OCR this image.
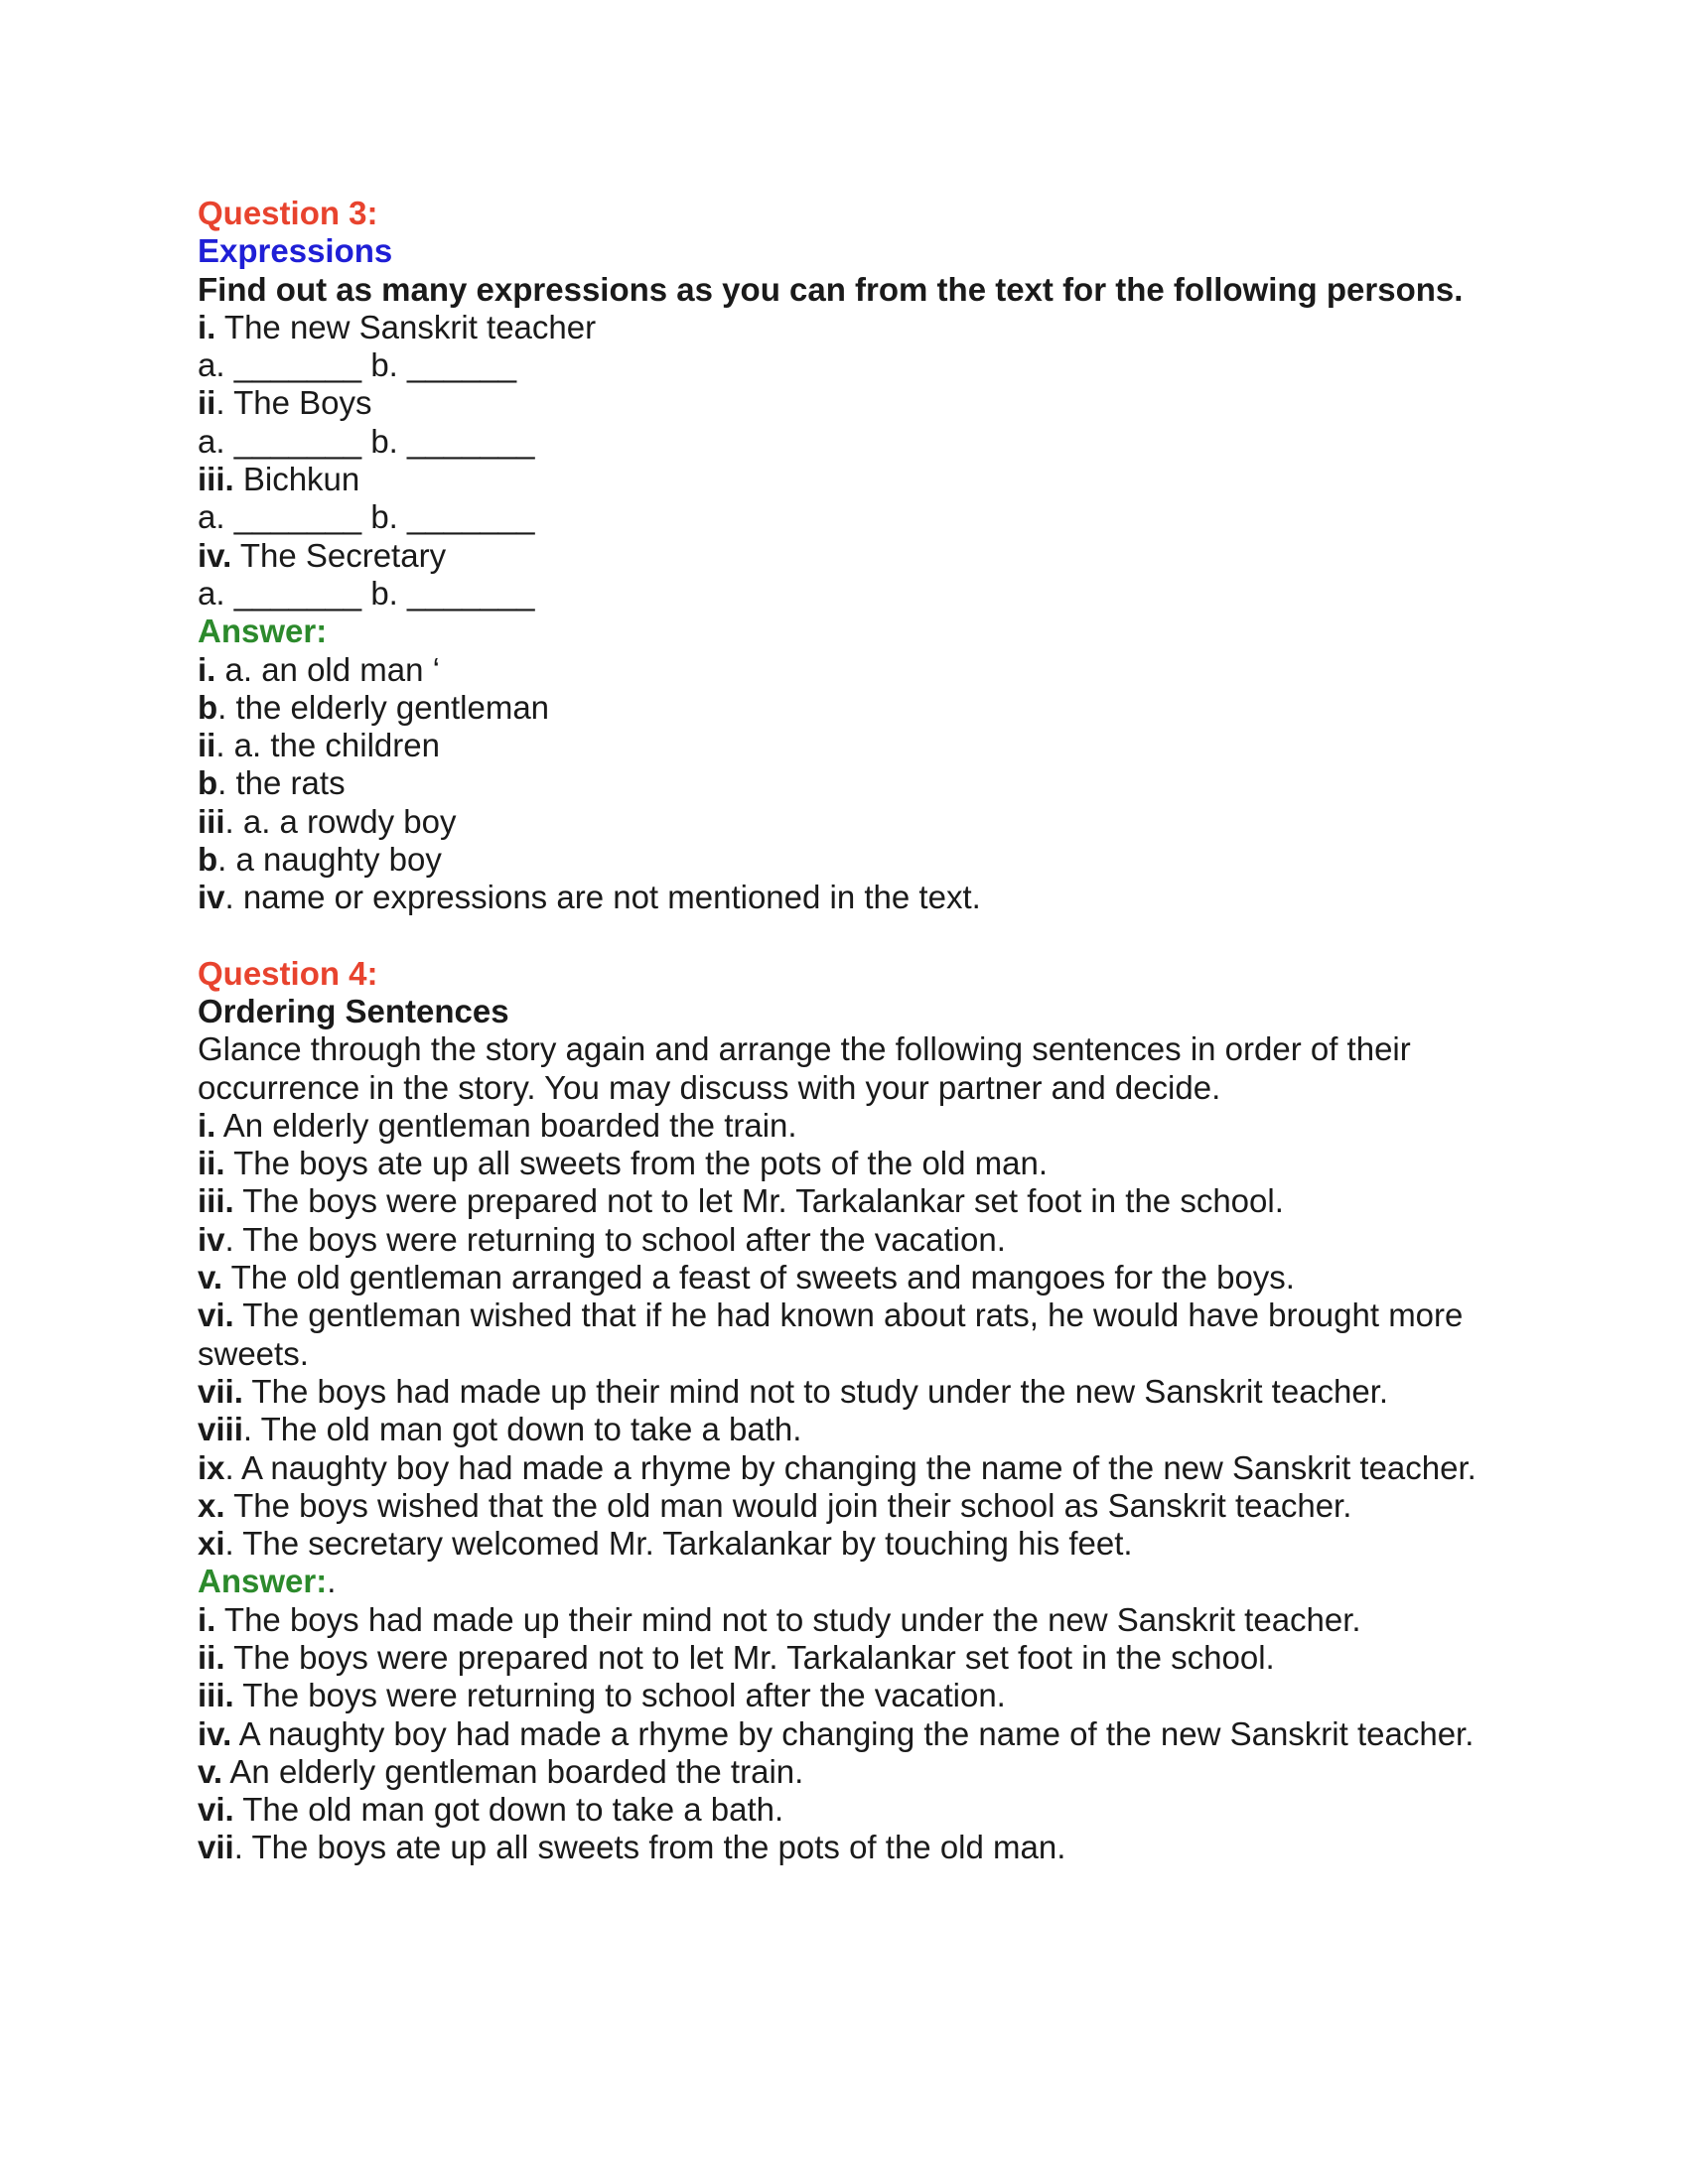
Question 3:

Expressions

Find out as many expressions as you can from the text for the following persons.

i. The new Sanskrit teacher

a. _______ b. ______

ii. The Boys

a. _______ b. _______

iii. Bichkun

a. _______ b. _______

iv. The Secretary

a. _______ b. _______

Answer:

i. a. an old man ‘

b. the elderly gentleman

ii. a. the children

b. the rats

iii. a. a rowdy boy

b. a naughty boy

iv. name or expressions are not mentioned in the text.

Question 4:

Ordering Sentences

Glance through the story again and arrange the following sentences in order of their occurrence in the story. You may discuss with your partner and decide.

i. An elderly gentleman boarded the train.

ii. The boys ate up all sweets from the pots of the old man.

iii. The boys were prepared not to let Mr. Tarkalankar set foot in the school.

iv. The boys were returning to school after the vacation.

v. The old gentleman arranged a feast of sweets and mangoes for the boys.

vi. The gentleman wished that if he had known about rats, he would have brought more sweets.

vii. The boys had made up their mind not to study under the new Sanskrit teacher.

viii. The old man got down to take a bath.

ix. A naughty boy had made a rhyme by changing the name of the new Sanskrit teacher.

x. The boys wished that the old man would join their school as Sanskrit teacher.

xi. The secretary welcomed Mr. Tarkalankar by touching his feet.

Answer:.

i. The boys had made up their mind not to study under the new Sanskrit teacher.

ii. The boys were prepared not to let Mr. Tarkalankar set foot in the school.

iii. The boys were returning to school after the vacation.

iv. A naughty boy had made a rhyme by changing the name of the new Sanskrit teacher.

v. An elderly gentleman boarded the train.

vi. The old man got down to take a bath.

vii. The boys ate up all sweets from the pots of the old man.
